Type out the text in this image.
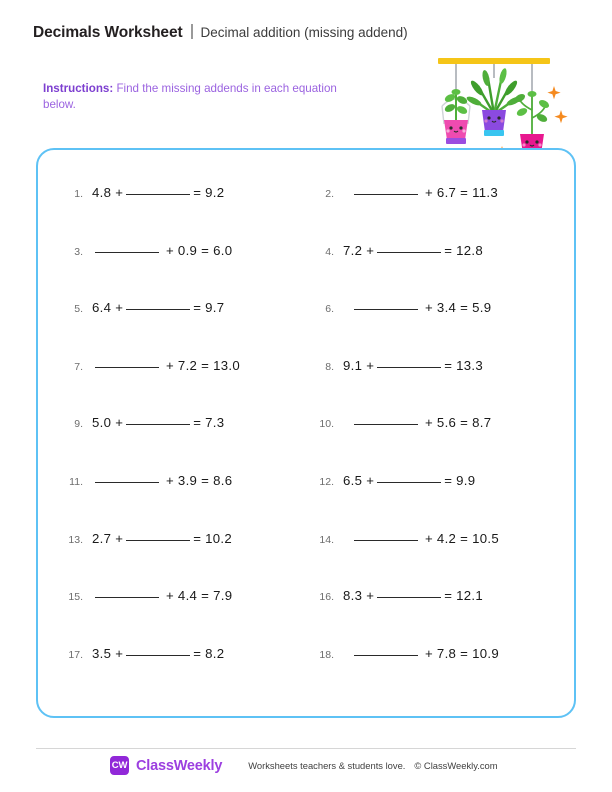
Decimals Worksheet Decimal addition (missing addend)
Instructions: Find the missing addends in each equation below.
1. 4.8 +	= 9.2	2.	+ 6.7 = 11.3
3.	+ 0.9 = 6.0	4. 7.2 +	= 12.8
5. 6.4 +	= 9.7	6.	+ 3.4 = 5.9
7.	+ 7.2 = 13.0	8. 9.1 +	= 13.3
9. 5.0 +	= 7.3	10.	+ 5.6 = 8.7
11.	+ 3.9 = 8.6	12. 6.5 +	= 9.9
13. 2.7 +	= 10.2	14.	+ 4.2 = 10.5
15.	+ 4.4 = 7.9	16. 8.3 +	= 12.1
17. 3.5 +	= 8.2	18.	+ 7.8 = 10.9
CW ClassWeekly	Worksheets teachers & students love. © ClassWeekly.com
